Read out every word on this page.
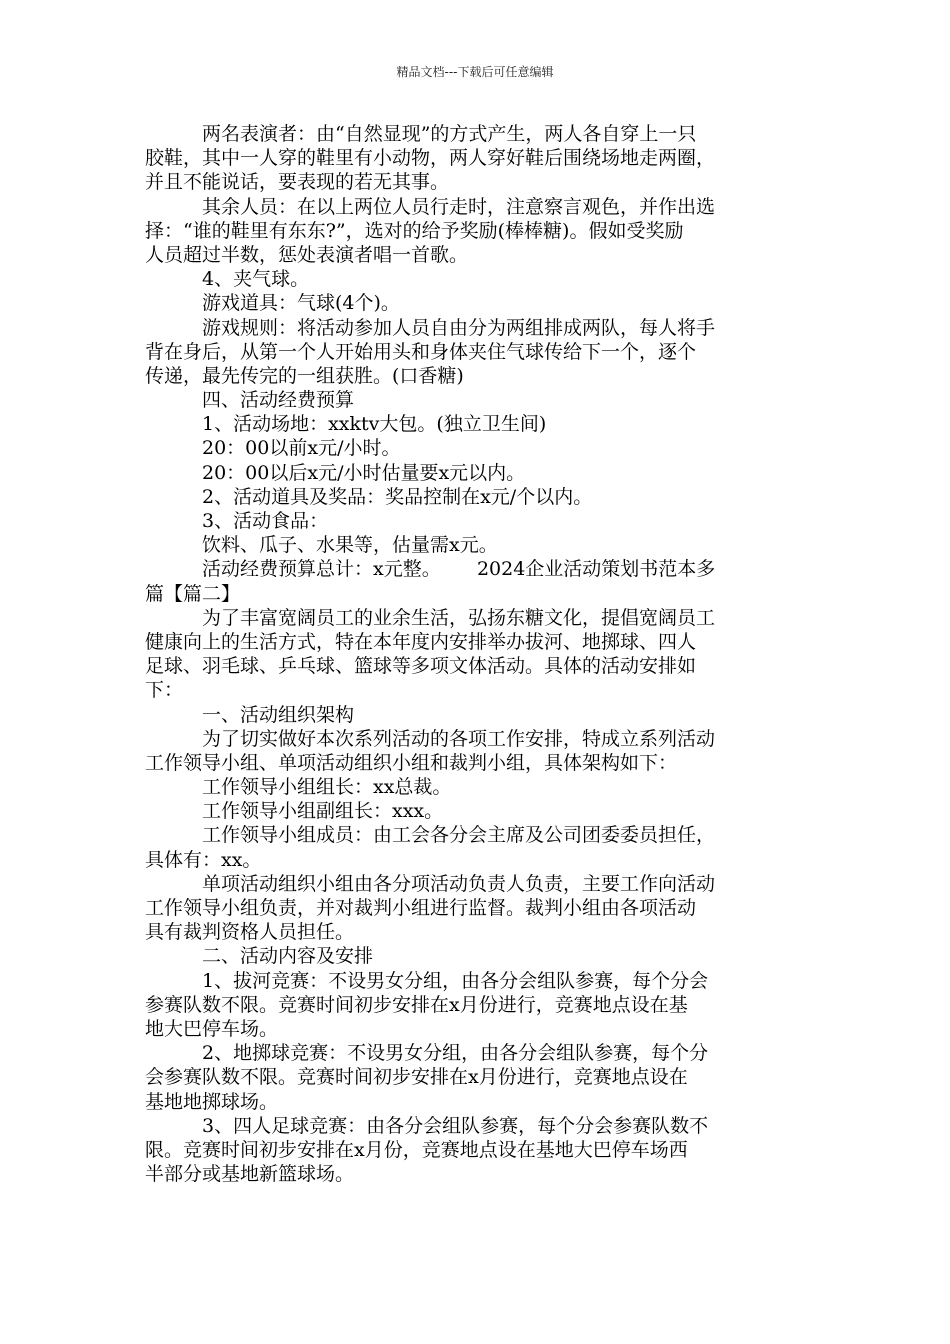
精品文档---下载后可任意编辑
两名表演者：由“自然显现”的方式产生，两人各自穿上一只
胶鞋，其中一人穿的鞋里有小动物，两人穿好鞋后围绕场地走两圈，
并且不能说话，要表现的若无其事。
其余人员：在以上两位人员行走时，注意察言观色，并作出选
择：“谁的鞋里有东东?”，选对的给予奖励(棒棒糖)。假如受奖励
人员超过半数，惩处表演者唱一首歌。
4、夹气球。
游戏道具：气球(4个)。
游戏规则：将活动参加人员自由分为两组排成两队，每人将手
背在身后，从第一个人开始用头和身体夹住气球传给下一个，逐个
传递，最先传完的一组获胜。(口香糖)
四、活动经费预算
1、活动场地：xxktv大包。(独立卫生间)
20：00以前x元/小时。
20：00以后x元/小时估量要x元以内。
2、活动道具及奖品：奖品控制在x元/个以内。
3、活动食品：
饮料、瓜子、水果等，估量需x元。
活动经费预算总计：x元整。      2024企业活动策划书范本多
篇【篇二】
为了丰富宽阔员工的业余生活，弘扬东糖文化，提倡宽阔员工
健康向上的生活方式，特在本年度内安排举办拔河、地掷球、四人
足球、羽毛球、乒乓球、篮球等多项文体活动。具体的活动安排如
下：
一、活动组织架构
为了切实做好本次系列活动的各项工作安排，特成立系列活动
工作领导小组、单项活动组织小组和裁判小组，具体架构如下：
工作领导小组组长：xx总裁。
工作领导小组副组长：xxx。
工作领导小组成员：由工会各分会主席及公司团委委员担任，
具体有：xx。
单项活动组织小组由各分项活动负责人负责，主要工作向活动
工作领导小组负责，并对裁判小组进行监督。裁判小组由各项活动
具有裁判资格人员担任。
二、活动内容及安排
1、拔河竞赛：不设男女分组，由各分会组队参赛，每个分会
参赛队数不限。竞赛时间初步安排在x月份进行，竞赛地点设在基
地大巴停车场。
2、地掷球竞赛：不设男女分组，由各分会组队参赛，每个分
会参赛队数不限。竞赛时间初步安排在x月份进行，竞赛地点设在
基地地掷球场。
3、四人足球竞赛：由各分会组队参赛，每个分会参赛队数不
限。竞赛时间初步安排在x月份，竞赛地点设在基地大巴停车场西
半部分或基地新篮球场。
